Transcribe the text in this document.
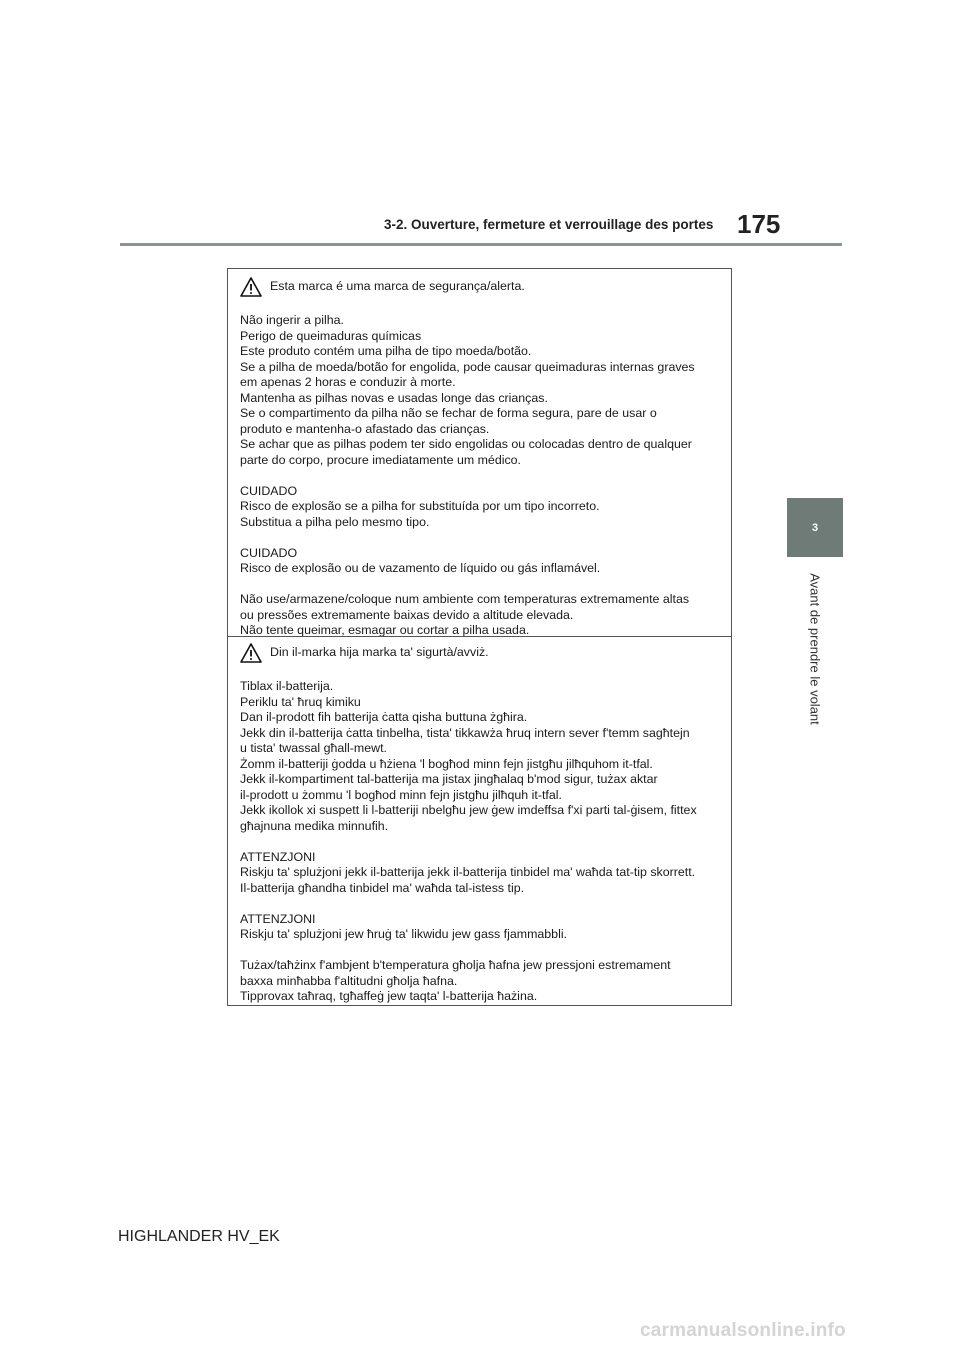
3-2. Ouverture, fermeture et verrouillage des portes 175
3
Avant de prendre le volant
Esta marca é uma marca de segurança/alerta.
Não ingerir a pilha.
Perigo de queimaduras químicas
Este produto contém uma pilha de tipo moeda/botão.
Se a pilha de moeda/botão for engolida, pode causar queimaduras internas graves
em apenas 2 horas e conduzir à morte.
Mantenha as pilhas novas e usadas longe das crianças.
Se o compartimento da pilha não se fechar de forma segura, pare de usar o
produto e mantenha-o afastado das crianças.
Se achar que as pilhas podem ter sido engolidas ou colocadas dentro de qualquer
parte do corpo, procure imediatamente um médico.
CUIDADO
Risco de explosão se a pilha for substituída por um tipo incorreto.
Substitua a pilha pelo mesmo tipo.
CUIDADO
Risco de explosão ou de vazamento de líquido ou gás inflamável.
Não use/armazene/coloque num ambiente com temperaturas extremamente altas
ou pressões extremamente baixas devido a altitude elevada.
Não tente queimar, esmagar ou cortar a pilha usada.
Din il-marka hija marka ta' sigurtà/avviż.
Tiblax il-batterija.
Periklu ta' ħruq kimiku
Dan il-prodott fih batterija ċatta qisha buttuna żgħira.
Jekk din il-batterija ċatta tinbelha, tista' tikkawża ħruq intern sever f'temm sagħtejn
u tista' twassal għall-mewt.
Żomm il-batteriji ġodda u ħżiena 'l bogħod minn fejn jistgħu jilħquhom it-tfal.
Jekk il-kompartiment tal-batterija ma jistax jingħalaq b'mod sigur, tużax aktar
il-prodott u żommu 'l bogħod minn fejn jistgħu jilħquh it-tfal.
Jekk ikollok xi suspett li l-batteriji nbelgħu jew ġew imdeffsa f'xi parti tal-ġisem, fittex
għajnuna medika minnufih.
ATTENZJONI
Riskju ta' splużjoni jekk il-batterija jekk il-batterija tinbidel ma' waħda tat-tip skorrett.
Il-batterija għandha tinbidel ma' waħda tal-istess tip.
ATTENZJONI
Riskju ta' splużjoni jew ħruġ ta' likwidu jew gass fjammabbli.
Tużax/taħżinx f'ambjent b'temperatura għolja ħafna jew pressjoni estremament
baxxa minħabba f'altitudni għolja ħafna.
Tipprovax taħraq, tgħaffeġ jew taqta' l-batterija ħażina.
HIGHLANDER HV_EK
carmanualsonline.info
